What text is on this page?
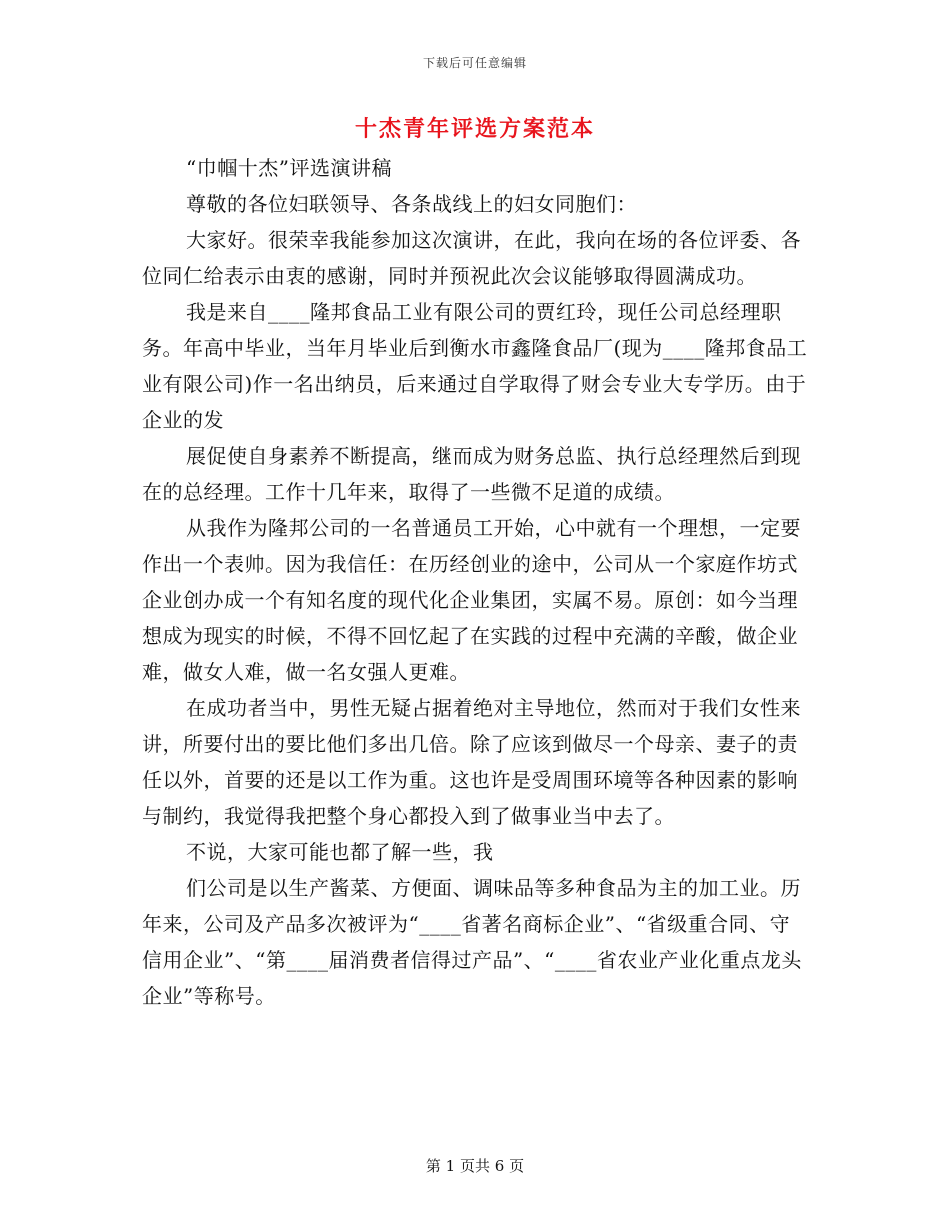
下载后可任意编辑
十杰青年评选方案范本

“巾帼十杰”评选演讲稿

尊敬的各位妇联领导、各条战线上的妇女同胞们：

大家好。很荣幸我能参加这次演讲，在此，我向在场的各位评委、各位同仁给表示由衷的感谢，同时并预祝此次会议能够取得圆满成功。

我是来自____隆邦食品工业有限公司的贾红玲，现任公司总经理职务。年高中毕业，当年月毕业后到衡水市鑫隆食品厂(现为____隆邦食品工业有限公司)作一名出纳员，后来通过自学取得了财会专业大专学历。由于企业的发

展促使自身素养不断提高，继而成为财务总监、执行总经理然后到现在的总经理。工作十几年来，取得了一些微不足道的成绩。

从我作为隆邦公司的一名普通员工开始，心中就有一个理想，一定要作出一个表帅。因为我信任：在历经创业的途中，公司从一个家庭作坊式企业创办成一个有知名度的现代化企业集团，实属不易。原创：如今当理想成为现实的时候，不得不回忆起了在实践的过程中充满的辛酸，做企业难，做女人难，做一名女强人更难。

在成功者当中，男性无疑占据着绝对主导地位，然而对于我们女性来讲，所要付出的要比他们多出几倍。除了应该到做尽一个母亲、妻子的责任以外，首要的还是以工作为重。这也许是受周围环境等各种因素的影响与制约，我觉得我把整个身心都投入到了做事业当中去了。

不说，大家可能也都了解一些，我

们公司是以生产酱菜、方便面、调味品等多种食品为主的加工业。历年来，公司及产品多次被评为“____省著名商标企业”、“省级重合同、守信用企业”、“第____届消费者信得过产品”、“____省农业产业化重点龙头企业”等称号。

第 1 页共 6 页
